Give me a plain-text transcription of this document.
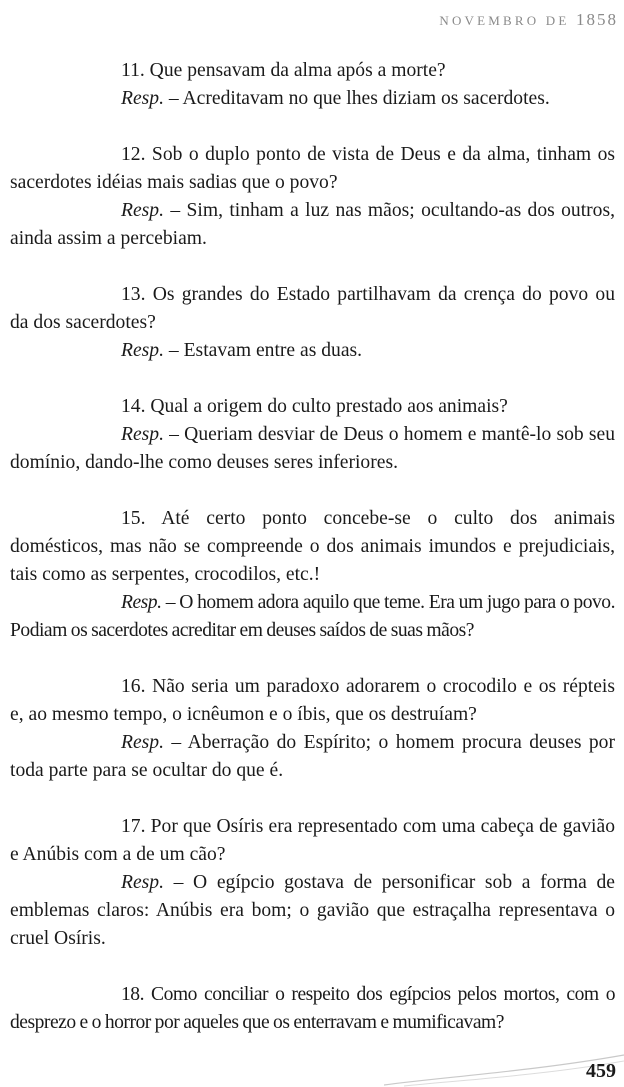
NOVEMBRO DE 1858

11. Que pensavam da alma após a morte?

Resp. – Acreditavam no que lhes diziam os sacerdotes.

12. Sob o duplo ponto de vista de Deus e da alma, tinham os sacerdotes idéias mais sadias que o povo?

Resp. – Sim, tinham a luz nas mãos; ocultando-as dos outros, ainda assim a percebiam.

13. Os grandes do Estado partilhavam da crença do povo ou da dos sacerdotes?

Resp. – Estavam entre as duas.

14. Qual a origem do culto prestado aos animais?

Resp. – Queriam desviar de Deus o homem e mantê-lo sob seu domínio, dando-lhe como deuses seres inferiores.

15. Até certo ponto concebe-se o culto dos animais domésticos, mas não se compreende o dos animais imundos e prejudiciais, tais como as serpentes, crocodilos, etc.!

Resp. – O homem adora aquilo que teme. Era um jugo para o povo. Podiam os sacerdotes acreditar em deuses saídos de suas mãos?

16. Não seria um paradoxo adorarem o crocodilo e os répteis e, ao mesmo tempo, o icnêumon e o íbis, que os destruíam?

Resp. – Aberração do Espírito; o homem procura deuses por toda parte para se ocultar do que é.

17. Por que Osíris era representado com uma cabeça de gavião e Anúbis com a de um cão?

Resp. – O egípcio gostava de personificar sob a forma de emblemas claros: Anúbis era bom; o gavião que estraçalha representava o cruel Osíris.

18. Como conciliar o respeito dos egípcios pelos mortos, com o desprezo e o horror por aqueles que os enterravam e mumificavam?

459
